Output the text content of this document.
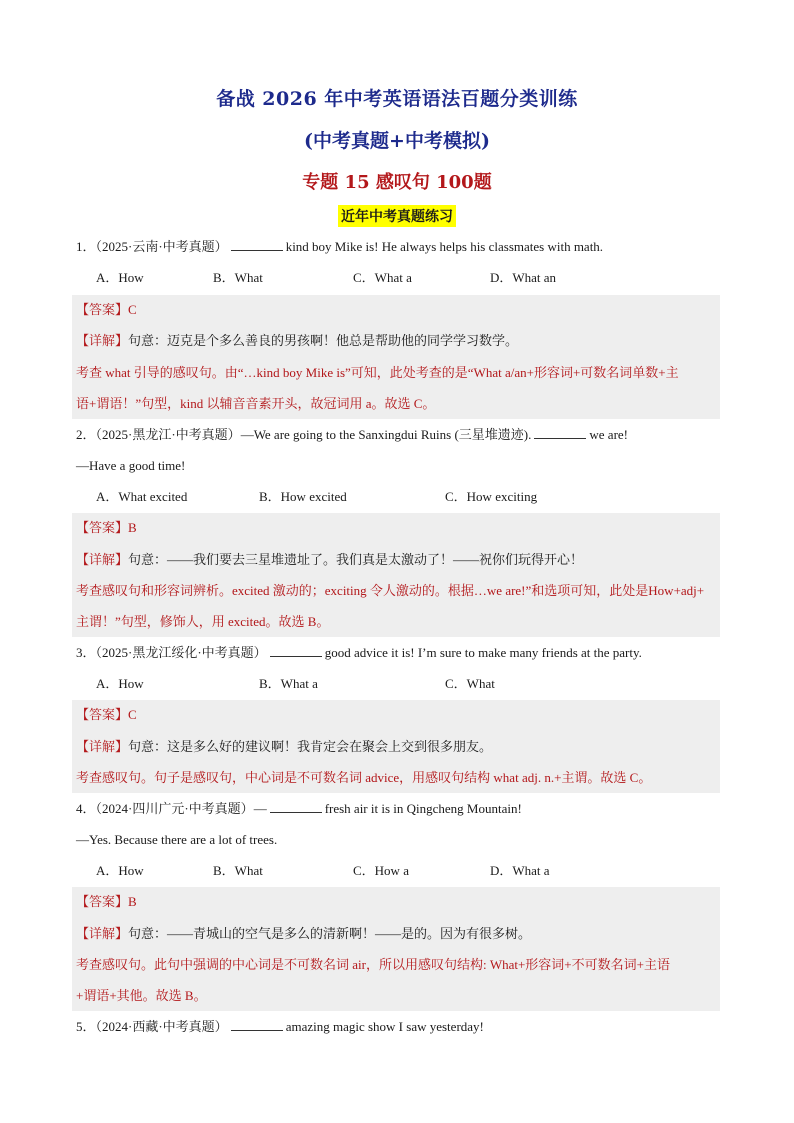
备战 2026 年中考英语语法百题分类训练
(中考真题+中考模拟)
专题 15 感叹句 100题
近年中考真题练习
1．（2025·云南·中考真题）	kind boy Mike is! He always helps his classmates with math.
A．How	B．What	C．What a	D．What an
【答案】C
【详解】句意：迈克是个多么善良的男孩啊！他总是帮助他的同学学习数学。
考查 what 引导的感叹句。由“…kind boy Mike is”可知，此处考查的是“What a/an+形容词+可数名词单数+主
语+谓语！”句型，kind 以辅音音素开头，故冠词用 a。故选 C。
2．（2025·黑龙江·中考真题）—We are going to the Sanxingdui Ruins (三星堆遗迹).	we are!
—Have a good time!
A．What excited	B．How excited	C．How exciting
【答案】B
【详解】句意：——我们要去三星堆遗址了。我们真是太激动了！——祝你们玩得开心！
考查感叹句和形容词辨析。excited 激动的；exciting 令人激动的。根据…we are!”和选项可知，此处是How+adj+
主谓！”句型，修饰人，用 excited。故选 B。
3．（2025·黑龙江绥化·中考真题）	good advice it is! I’m sure to make many friends at the party.
A．How	B．What a	C．What
【答案】C
【详解】句意：这是多么好的建议啊！我肯定会在聚会上交到很多朋友。
考查感叹句。句子是感叹句，中心词是不可数名词 advice，用感叹句结构 what adj. n.+主谓。故选 C。
4．（2024·四川广元·中考真题）—	fresh air it is in Qingcheng Mountain!
—Yes. Because there are a lot of trees.
A．How	B．What	C．How a	D．What a
【答案】B
【详解】句意：——青城山的空气是多么的清新啊！——是的。因为有很多树。
考查感叹句。此句中强调的中心词是不可数名词 air，所以用感叹句结构: What+形容词+不可数名词+主语
+谓语+其他。故选 B。
5．（2024·西藏·中考真题）	amazing magic show I saw yesterday!
